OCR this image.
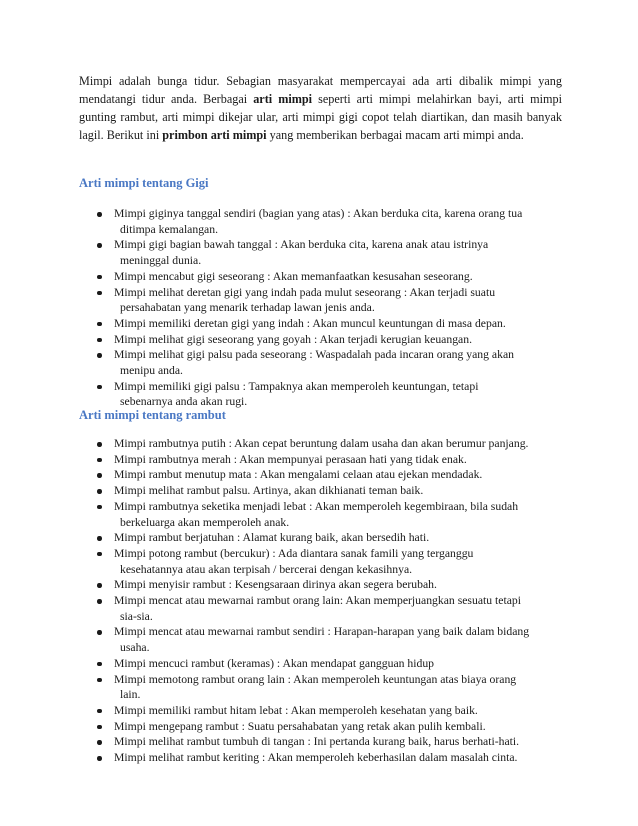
Mimpi adalah bunga tidur. Sebagian masyarakat mempercayai ada arti dibalik mimpi yang mendatangi tidur anda. Berbagai arti mimpi seperti arti mimpi melahirkan bayi, arti mimpi gunting rambut, arti mimpi dikejar ular, arti mimpi gigi copot telah diartikan, dan masih banyak lagil. Berikut ini primbon arti mimpi yang memberikan berbagai macam arti mimpi anda.
Arti mimpi tentang Gigi
Mimpi giginya tanggal sendiri (bagian yang atas) : Akan berduka cita, karena orang tua
ditimpa kemalangan.
Mimpi gigi bagian bawah tanggal : Akan berduka cita, karena anak atau istrinya
meninggal dunia.
Mimpi mencabut gigi seseorang : Akan memanfaatkan kesusahan seseorang.
Mimpi melihat deretan gigi yang indah pada mulut seseorang : Akan terjadi suatu
persahabatan yang menarik terhadap lawan jenis anda.
Mimpi memiliki deretan gigi yang indah : Akan muncul keuntungan di masa depan.
Mimpi melihat gigi seseorang yang goyah : Akan terjadi kerugian keuangan.
Mimpi melihat gigi palsu pada seseorang : Waspadalah pada incaran orang yang akan
menipu anda.
Mimpi memiliki gigi palsu : Tampaknya akan memperoleh keuntungan, tetapi
sebenarnya anda akan rugi.
Arti mimpi tentang rambut
Mimpi rambutnya putih : Akan cepat beruntung dalam usaha dan akan berumur panjang.
Mimpi rambutnya merah : Akan mempunyai perasaan hati yang tidak enak.
Mimpi rambut menutup mata : Akan mengalami celaan atau ejekan mendadak.
Mimpi melihat rambut palsu. Artinya, akan dikhianati teman baik.
Mimpi rambutnya seketika menjadi lebat : Akan memperoleh kegembiraan, bila sudah
berkeluarga akan memperoleh anak.
Mimpi rambut berjatuhan : Alamat kurang baik, akan bersedih hati.
Mimpi potong rambut (bercukur) : Ada diantara sanak famili yang terganggu
kesehatannya atau akan terpisah / bercerai dengan kekasihnya.
Mimpi menyisir rambut : Kesengsaraan dirinya akan segera berubah.
Mimpi mencat atau mewarnai rambut orang lain: Akan memperjuangkan sesuatu tetapi
sia-sia.
Mimpi mencat atau mewarnai rambut sendiri : Harapan-harapan yang baik dalam bidang
usaha.
Mimpi mencuci rambut (keramas) : Akan mendapat gangguan hidup
Mimpi memotong rambut orang lain : Akan memperoleh keuntungan atas biaya orang
lain.
Mimpi memiliki rambut hitam lebat : Akan memperoleh kesehatan yang baik.
Mimpi mengepang rambut : Suatu persahabatan yang retak akan pulih kembali.
Mimpi melihat rambut tumbuh di tangan : Ini pertanda kurang baik, harus berhati-hati.
Mimpi melihat rambut keriting : Akan memperoleh keberhasilan dalam masalah cinta.
